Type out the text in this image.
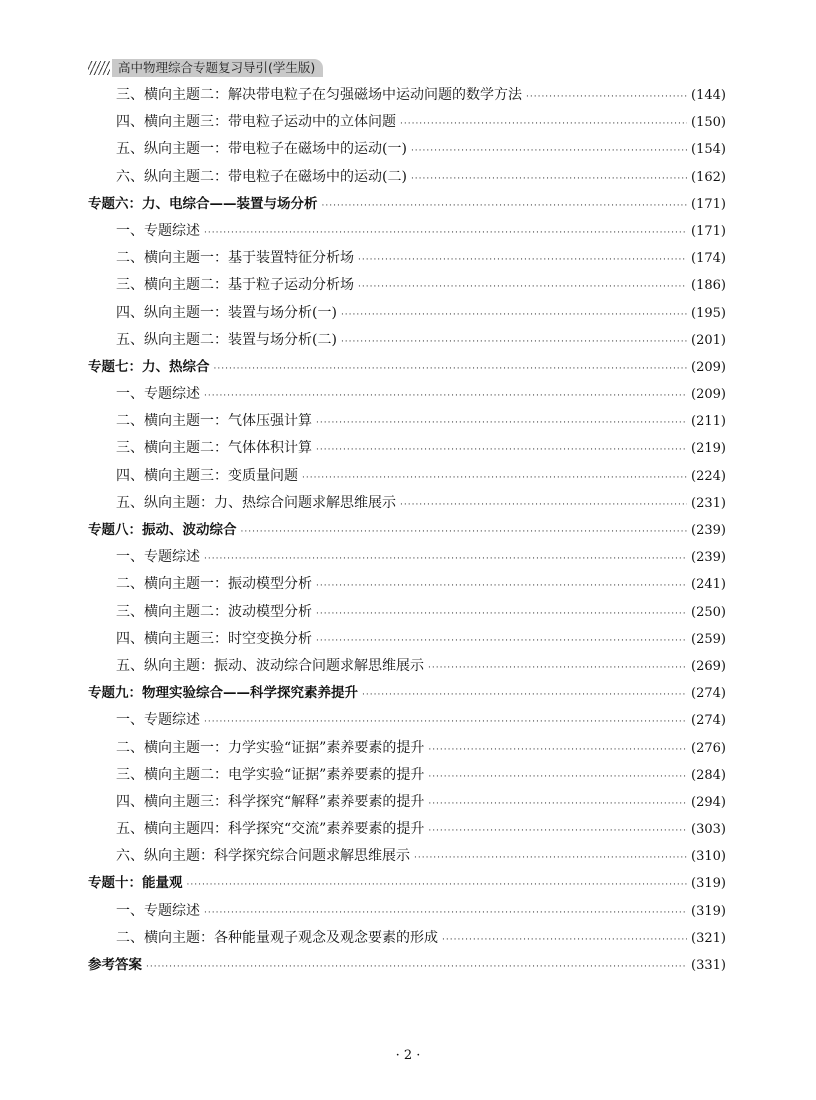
高中物理综合专题复习导引(学生版)
三、横向主题二：解决带电粒子在匀强磁场中运动问题的数学方法 ·····	(144)
四、横向主题三：带电粒子运动中的立体问题 ·····	(150)
五、纵向主题一：带电粒子在磁场中的运动(一) ·····	(154)
六、纵向主题二：带电粒子在磁场中的运动(二) ·····	(162)
专题六：力、电综合——装置与场分析 ·····	(171)
一、专题综述 ·····	(171)
二、横向主题一：基于装置特征分析场 ·····	(174)
三、横向主题二：基于粒子运动分析场 ·····	(186)
四、纵向主题一：装置与场分析(一) ·····	(195)
五、纵向主题二：装置与场分析(二) ·····	(201)
专题七：力、热综合 ·····	(209)
一、专题综述 ·····	(209)
二、横向主题一：气体压强计算 ·····	(211)
三、横向主题二：气体体积计算 ·····	(219)
四、横向主题三：变质量问题 ·····	(224)
五、纵向主题：力、热综合问题求解思维展示 ·····	(231)
专题八：振动、波动综合 ·····	(239)
一、专题综述 ·····	(239)
二、横向主题一：振动模型分析 ·····	(241)
三、横向主题二：波动模型分析 ·····	(250)
四、横向主题三：时空变换分析 ·····	(259)
五、纵向主题：振动、波动综合问题求解思维展示 ·····	(269)
专题九：物理实验综合——科学探究素养提升 ·····	(274)
一、专题综述 ·····	(274)
二、横向主题一：力学实验“证据”素养要素的提升 ·····	(276)
三、横向主题二：电学实验“证据”素养要素的提升 ·····	(284)
四、横向主题三：科学探究“解释”素养要素的提升 ·····	(294)
五、横向主题四：科学探究“交流”素养要素的提升 ·····	(303)
六、纵向主题：科学探究综合问题求解思维展示 ·····	(310)
专题十：能量观 ·····	(319)
一、专题综述 ·····	(319)
二、横向主题：各种能量观子观念及观念要素的形成 ·····	(321)
参考答案 ·····	(331)
· 2 ·
